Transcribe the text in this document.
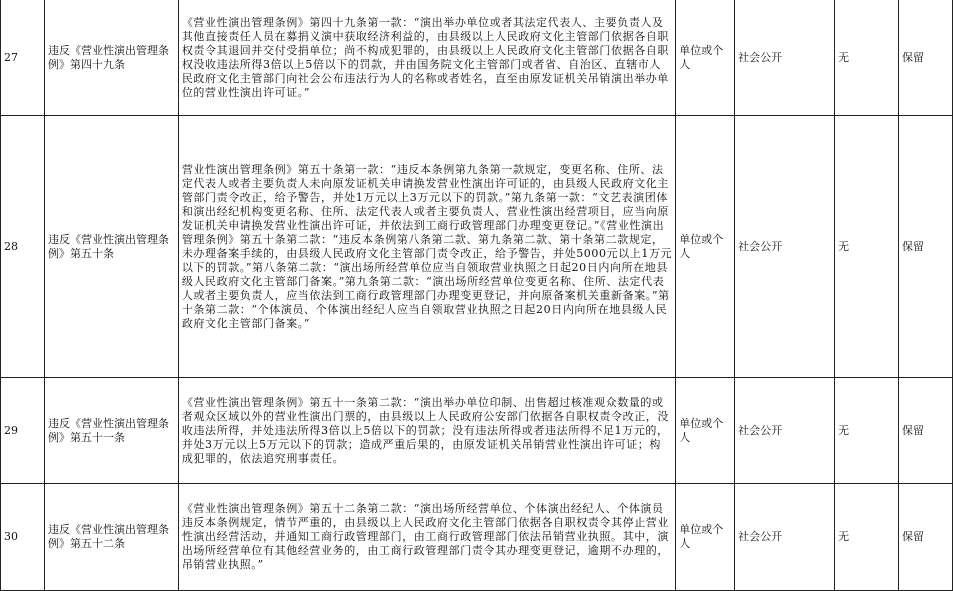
27	违反《营业性演出管理条例》第四十九条	《营业性演出管理条例》第四十九条第一款：“演出举办单位或者其法定代表人、主要负责人及其他直接责任人员在募捐义演中获取经济利益的，由县级以上人民政府文化主管部门依据各自职权责令其退回并交付受捐单位；尚不构成犯罪的，由县级以上人民政府文化主管部门依据各自职权没收违法所得3倍以上5倍以下的罚款，并由国务院文化主管部门或者省、自治区、直辖市人民政府文化主管部门向社会公布违法行为人的名称或者姓名，直至由原发证机关吊销演出举办单位的营业性演出许可证。”	单位或个人	社会公开	无	保留
28	违反《营业性演出管理条例》第五十条	营业性演出管理条例》第五十条第一款：“违反本条例第九条第一款规定，变更名称、住所、法定代表人或者主要负责人未向原发证机关申请换发营业性演出许可证的，由县级人民政府文化主管部门责令改正，给予警告，并处1万元以上3万元以下的罚款。”第九条第一款：“文艺表演团体和演出经纪机构变更名称、住所、法定代表人或者主要负责人、营业性演出经营项目，应当向原发证机关申请换发营业性演出许可证，并依法到工商行政管理部门办理变更登记。”《营业性演出管理条例》第五十条第二款：“违反本条例第八条第二款、第九条第二款、第十条第二款规定，未办理备案手续的，由县级人民政府文化主管部门责令改正，给予警告，并处5000元以上1万元以下的罚款。”第八条第二款：“演出场所经营单位应当自领取营业执照之日起20日内向所在地县级人民政府文化主管部门备案。”第九条第二款：“演出场所经营单位变更名称、住所、法定代表人或者主要负责人，应当依法到工商行政管理部门办理变更登记，并向原备案机关重新备案。”第十条第二款：“个体演员、个体演出经纪人应当自领取营业执照之日起20日内向所在地县级人民政府文化主管部门备案。”	单位或个人	社会公开	无	保留
29	违反《营业性演出管理条例》第五十一条	《营业性演出管理条例》第五十一条第二款：“演出举办单位印制、出售超过核准观众数量的或者观众区域以外的营业性演出门票的，由县级以上人民政府公安部门依据各自职权责令改正，没收违法所得，并处违法所得3倍以上5倍以下的罚款；没有违法所得或者违法所得不足1万元的，并处3万元以上5万元以下的罚款；造成严重后果的，由原发证机关吊销营业性演出许可证；构成犯罪的，依法追究刑事责任。	单位或个人	社会公开	无	保留
30	违反《营业性演出管理条例》第五十二条	《营业性演出管理条例》第五十二条第二款：“演出场所经营单位、个体演出经纪人、个体演员违反本条例规定，情节严重的，由县级以上人民政府文化主管部门依据各自职权责令其停止营业性演出经营活动，并通知工商行政管理部门，由工商行政管理部门依法吊销营业执照。其中，演出场所经营单位有其他经营业务的，由工商行政管理部门责令其办理变更登记，逾期不办理的，吊销营业执照。”	单位或个人	社会公开	无	保留
